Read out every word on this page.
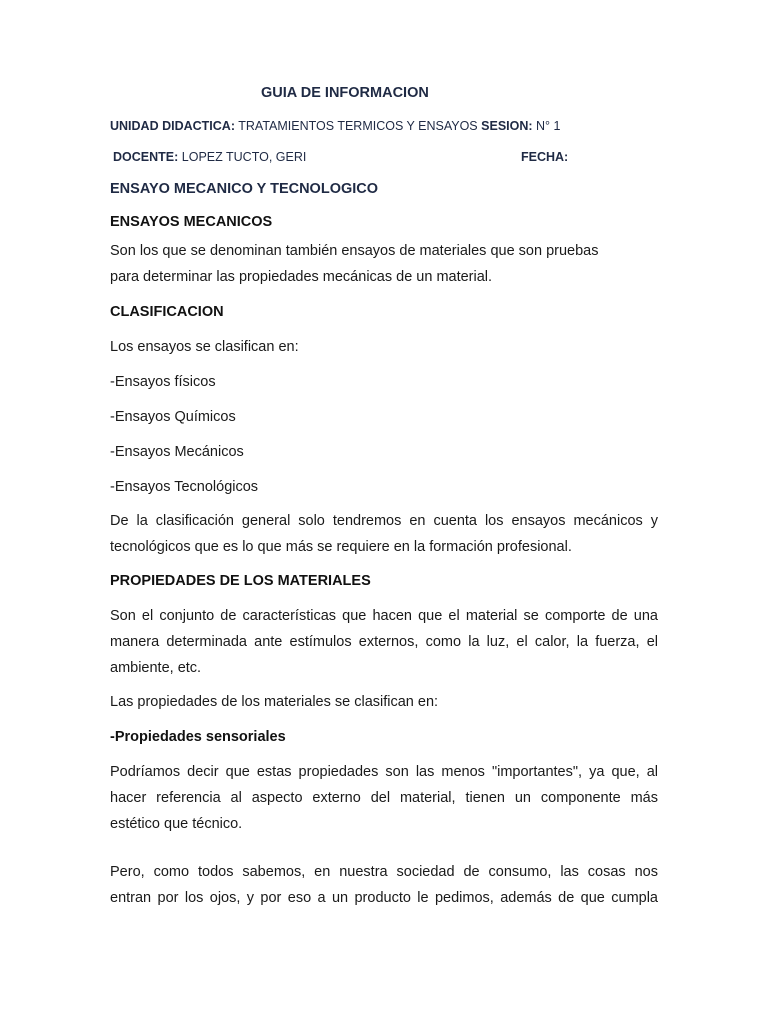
GUIA DE INFORMACION
UNIDAD DIDACTICA: TRATAMIENTOS TERMICOS Y ENSAYOS SESION: N° 1
DOCENTE: LOPEZ TUCTO, GERI	FECHA:
ENSAYO MECANICO Y TECNOLOGICO
ENSAYOS MECANICOS
Son los que se denominan también ensayos de materiales que son pruebas
para determinar las propiedades mecánicas de un material.
CLASIFICACION
Los ensayos se clasifican en:
-Ensayos físicos
-Ensayos Químicos
-Ensayos Mecánicos
-Ensayos Tecnológicos
De la clasificación general solo tendremos en cuenta los ensayos mecánicos y
tecnológicos que es lo que más se requiere en la formación profesional.
PROPIEDADES DE LOS MATERIALES
Son el conjunto de características que hacen que el material se comporte de una
manera determinada ante estímulos externos, como la luz, el calor, la fuerza, el
ambiente, etc.
Las propiedades de los materiales se clasifican en:
-Propiedades sensoriales
Podríamos decir que estas propiedades son las menos "importantes", ya que, al
hacer referencia al aspecto externo del material, tienen un componente más
estético que técnico.
Pero, como todos sabemos, en nuestra sociedad de consumo, las cosas nos
entran por los ojos, y por eso a un producto le pedimos, además de que cumpla
